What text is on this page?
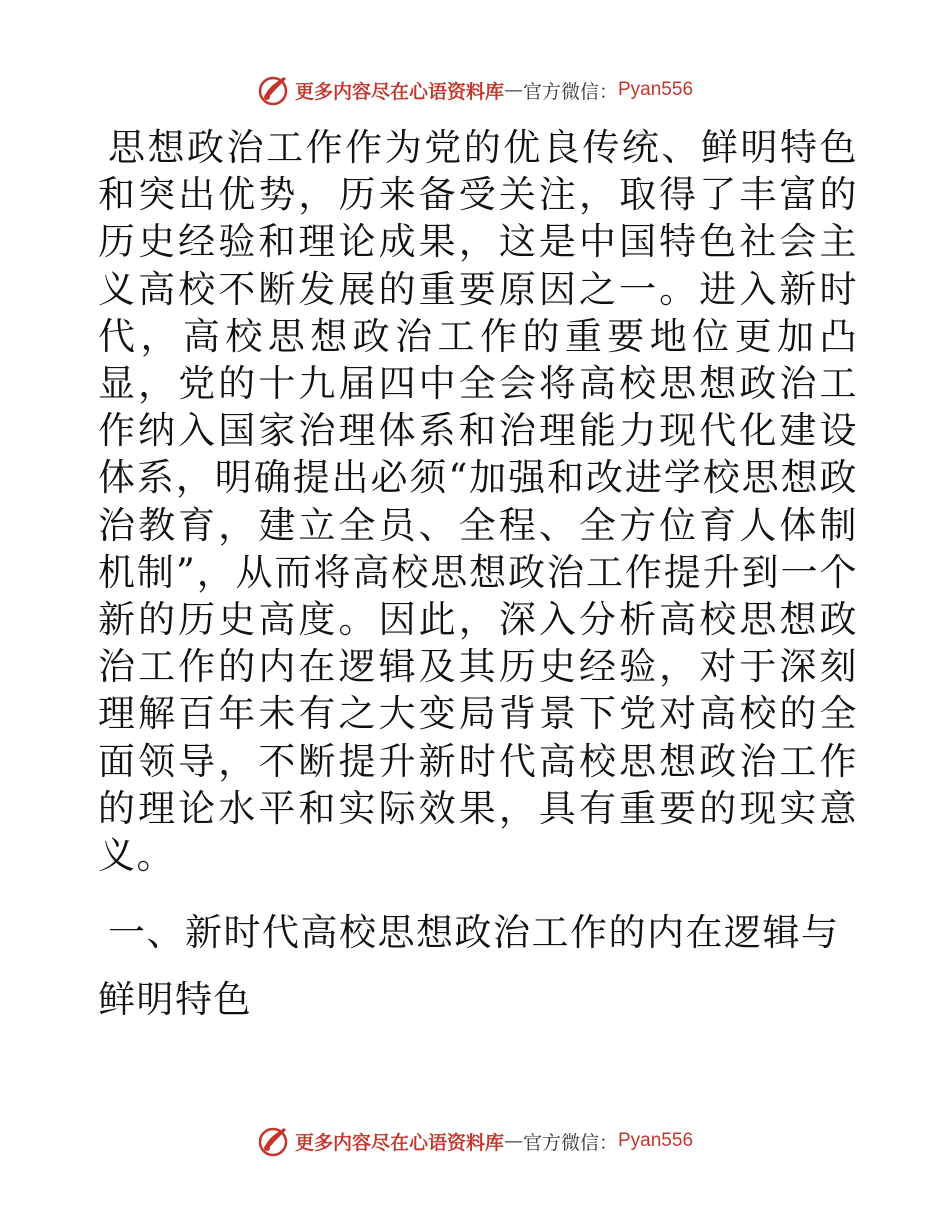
更多内容尽在心语资料库 — 官方微信： Pyan556

思想政治工作作为党的优良传统、鲜明特色和突出优势，历来备受关注，取得了丰富的历史经验和理论成果，这是中国特色社会主义高校不断发展的重要原因之一。进入新时代，高校思想政治工作的重要地位更加凸显，党的十九届四中全会将高校思想政治工作纳入国家治理体系和治理能力现代化建设体系，明确提出必须“加强和改进学校思想政治教育，建立全员、全程、全方位育人体制机制”，从而将高校思想政治工作提升到一个新的历史高度。因此，深入分析高校思想政治工作的内在逻辑及其历史经验，对于深刻理解百年未有之大变局背景下党对高校的全面领导，不断提升新时代高校思想政治工作的理论水平和实际效果，具有重要的现实意义。

一、新时代高校思想政治工作的内在逻辑与鲜明特色
更多内容尽在心语资料库 — 官方微信： Pyan556
